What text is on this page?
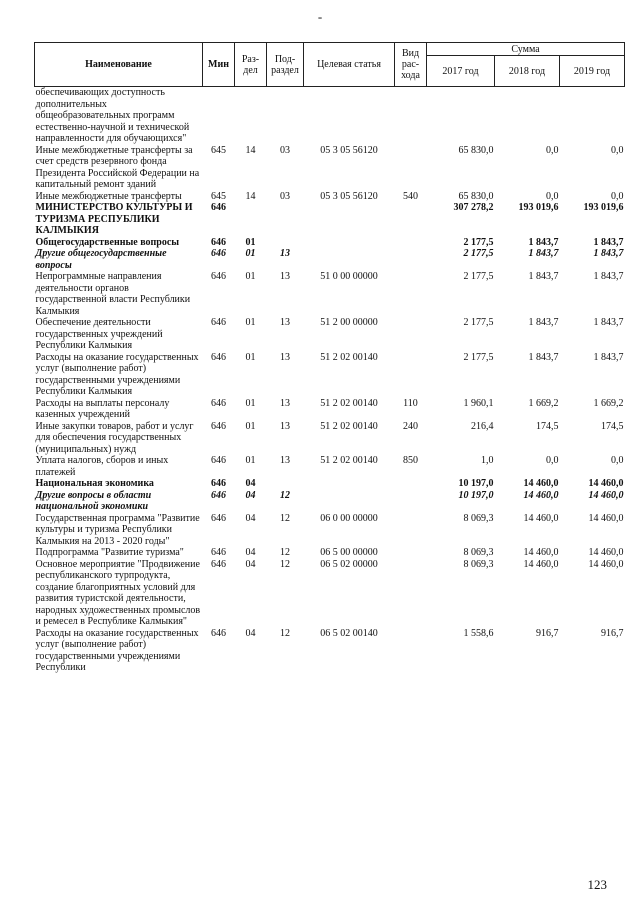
-
Наименование	Мин	Раз-дел	Под-раздел	Целевая статья	Вид рас-хода	Сумма		
						2017 год	2018 год	2019 год
обеспечивающих доступность дополнительных общеобразовательных программ естественно-научной и технической направленности для обучающихся"								
Иные межбюджетные трансферты за счет средств резервного фонда Президента Российской Федерации на капитальный ремонт зданий	645	14	03	05 3 05 56120		65 830,0	0,0	0,0
Иные межбюджетные трансферты	645	14	03	05 3 05 56120	540	65 830,0	0,0	0,0
МИНИСТЕРСТВО КУЛЬТУРЫ И ТУРИЗМА РЕСПУБЛИКИ КАЛМЫКИЯ	646					307 278,2	193 019,6	193 019,6
Общегосударственные вопросы	646	01				2 177,5	1 843,7	1 843,7
Другие общегосударственные вопросы	646	01	13			2 177,5	1 843,7	1 843,7
Непрограммные направления деятельности органов государственной власти Республики Калмыкия	646	01	13	51 0 00 00000		2 177,5	1 843,7	1 843,7
Обеспечение деятельности государственных учреждений Республики Калмыкия	646	01	13	51 2 00 00000		2 177,5	1 843,7	1 843,7
Расходы на оказание государственных услуг (выполнение работ) государственными учреждениями Республики Калмыкия	646	01	13	51 2 02 00140		2 177,5	1 843,7	1 843,7
Расходы на выплаты персоналу казенных учреждений	646	01	13	51 2 02 00140	110	1 960,1	1 669,2	1 669,2
Иные закупки товаров, работ и услуг для обеспечения государственных (муниципальных) нужд	646	01	13	51 2 02 00140	240	216,4	174,5	174,5
Уплата налогов, сборов и иных платежей	646	01	13	51 2 02 00140	850	1,0	0,0	0,0
Национальная экономика	646	04				10 197,0	14 460,0	14 460,0
Другие вопросы в области национальной экономики	646	04	12			10 197,0	14 460,0	14 460,0
Государственная программа "Развитие культуры и туризма Республики Калмыкия на 2013 - 2020 годы"	646	04	12	06 0 00 00000		8 069,3	14 460,0	14 460,0
Подпрограмма "Развитие туризма"	646	04	12	06 5 00 00000		8 069,3	14 460,0	14 460,0
Основное мероприятие "Продвижение республиканского турпродукта, создание благоприятных условий для развития туристской деятельности, народных художественных промыслов и ремесел в Республике Калмыкия"	646	04	12	06 5 02 00000		8 069,3	14 460,0	14 460,0
Расходы на оказание государственных услуг (выполнение работ) государственными учреждениями Республики	646	04	12	06 5 02 00140		1 558,6	916,7	916,7
123
